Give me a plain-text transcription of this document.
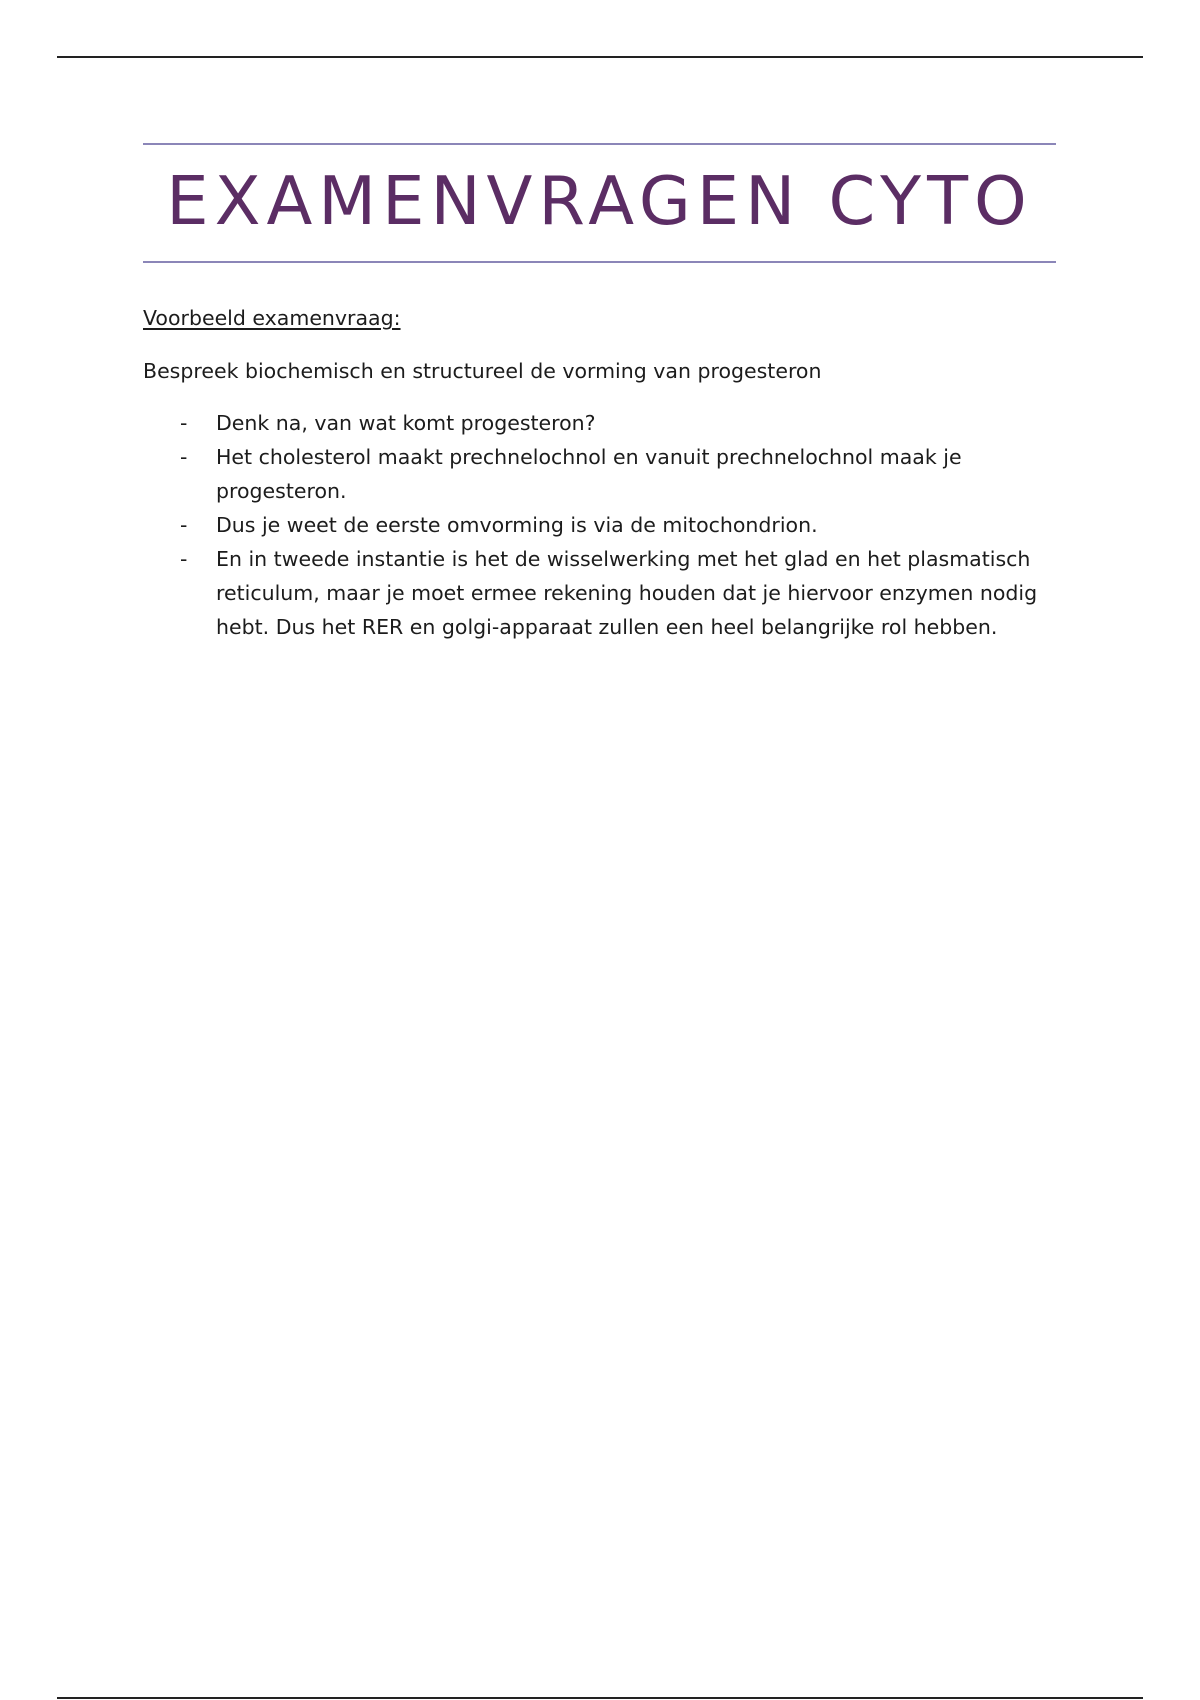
EXAMENVRAGEN CYTO

Voorbeeld examenvraag:

Bespreek biochemisch en structureel de vorming van progesteron

- Denk na, van wat komt progesteron?
- Het cholesterol maakt prechnelochnol en vanuit prechnelochnol maak je progesteron.
- Dus je weet de eerste omvorming is via de mitochondrion.
- En in tweede instantie is het de wisselwerking met het glad en het plasmatisch reticulum, maar je moet ermee rekening houden dat je hiervoor enzymen nodig hebt. Dus het RER en golgi-apparaat zullen een heel belangrijke rol hebben.
